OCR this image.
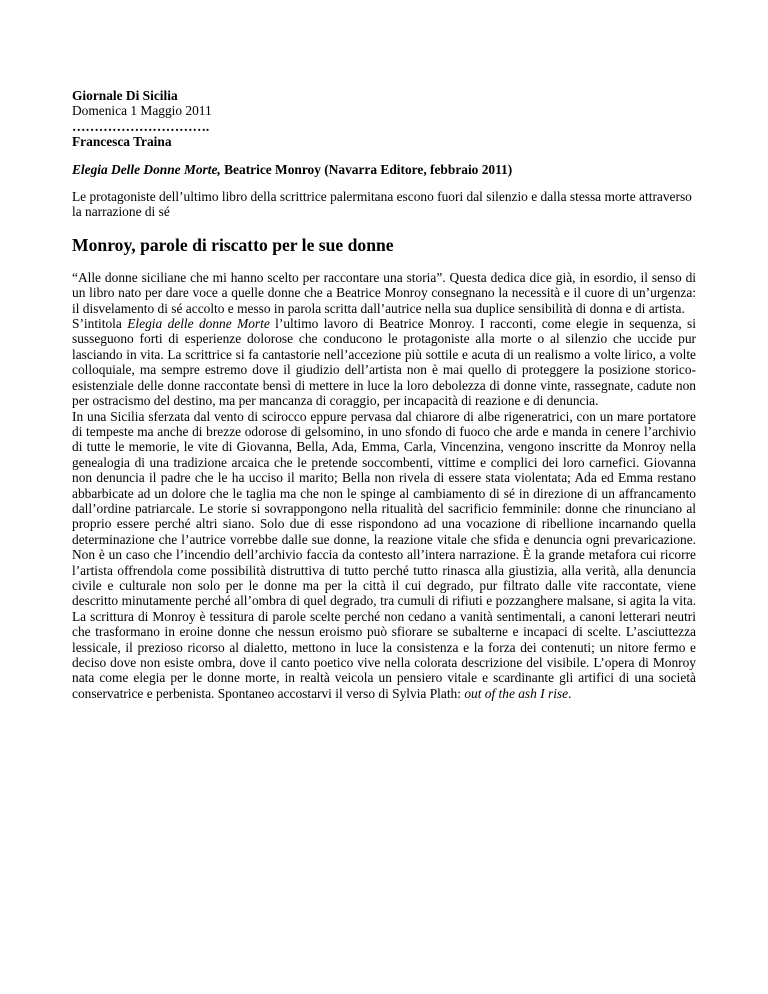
Giornale Di Sicilia
Domenica 1 Maggio 2011
………………………….
Francesca Traina
Elegia Delle Donne Morte, Beatrice Monroy (Navarra Editore, febbraio 2011)

Le protagoniste dell’ultimo libro della scrittrice palermitana escono fuori dal silenzio e dalla stessa morte attraverso la narrazione di sé

Monroy, parole di riscatto per le sue donne

“Alle donne siciliane che mi hanno scelto per raccontare una storia”. Questa dedica dice già, in esordio, il senso di un libro nato per dare voce a quelle donne che a Beatrice Monroy consegnano la necessità e il cuore di un’urgenza: il disvelamento di sé accolto e messo in parola scritta dall’autrice nella sua duplice sensibilità di donna e di artista.

S’intitola Elegia delle donne Morte l’ultimo lavoro di Beatrice Monroy. I racconti, come elegie in sequenza, si susseguono forti di esperienze dolorose che conducono le protagoniste alla morte o al silenzio che uccide pur lasciando in vita. La scrittrice si fa cantastorie nell’accezione più sottile e acuta di un realismo a volte lirico, a volte colloquiale, ma sempre estremo dove il giudizio dell’artista non è mai quello di proteggere la posizione storico-esistenziale delle donne raccontate bensì di mettere in luce la loro debolezza di donne vinte, rassegnate, cadute non per ostracismo del destino, ma per mancanza di coraggio, per incapacità di reazione e di denuncia.

In una Sicilia sferzata dal vento di scirocco eppure pervasa dal chiarore di albe rigeneratrici, con un mare portatore di tempeste ma anche di brezze odorose di gelsomino, in uno sfondo di fuoco che arde e manda in cenere l’archivio di tutte le memorie, le vite di Giovanna, Bella, Ada, Emma, Carla, Vincenzina, vengono inscritte da Monroy nella genealogia di una tradizione arcaica che le pretende soccombenti, vittime e complici dei loro carnefici. Giovanna non denuncia il padre che le ha ucciso il marito; Bella non rivela di essere stata violentata; Ada ed Emma restano abbarbicate ad un dolore che le taglia ma che non le spinge al cambiamento di sé in direzione di un affrancamento dall’ordine patriarcale. Le storie si sovrappongono nella ritualità del sacrificio femminile: donne che rinunciano al proprio essere perché altri siano. Solo due di esse rispondono ad una vocazione di ribellione incarnando quella determinazione che l’autrice vorrebbe dalle sue donne, la reazione vitale che sfida e denuncia ogni prevaricazione. Non è un caso che l’incendio dell’archivio faccia da contesto all’intera narrazione. È la grande metafora cui ricorre l’artista offrendola come possibilità distruttiva di tutto perché tutto rinasca alla giustizia, alla verità, alla denuncia civile e culturale non solo per le donne ma per la città il cui degrado, pur filtrato dalle vite raccontate, viene descritto minutamente perché all’ombra di quel degrado, tra cumuli di rifiuti e pozzanghere malsane, si agita la vita. La scrittura di Monroy è tessitura di parole scelte perché non cedano a vanità sentimentali, a canoni letterari neutri che trasformano in eroine donne che nessun eroismo può sfiorare se subalterne e incapaci di scelte. L’asciuttezza lessicale, il prezioso ricorso al dialetto, mettono in luce la consistenza e la forza dei contenuti; un nitore fermo e deciso dove non esiste ombra, dove il canto poetico vive nella colorata descrizione del visibile. L’opera di Monroy nata come elegia per le donne morte, in realtà veicola un pensiero vitale e scardinante gli artifici di una società conservatrice e perbenista. Spontaneo accostarvi il verso di Sylvia Plath: out of the ash I rise.
